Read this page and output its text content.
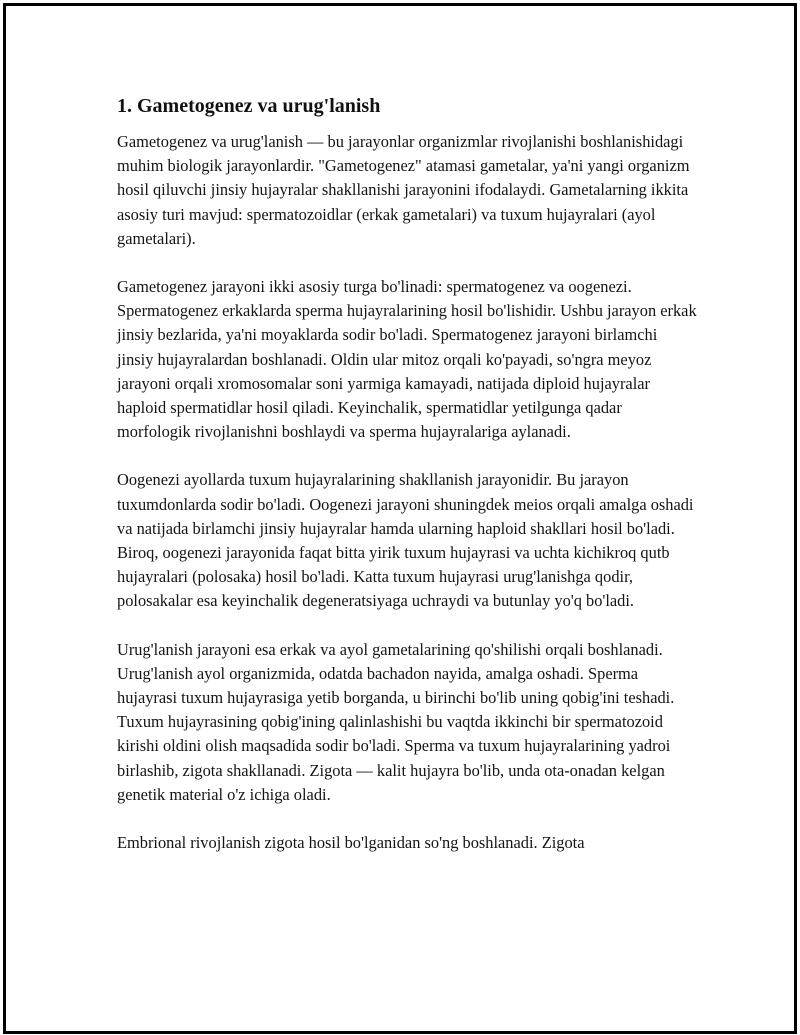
1. Gametogenez va urug'lanish

Gametogenez va urug'lanish — bu jarayonlar organizmlar rivojlanishi boshlanishidagi muhim biologik jarayonlardir. "Gametogenez" atamasi gametalar, ya'ni yangi organizm hosil qiluvchi jinsiy hujayralar shakllanishi jarayonini ifodalaydi. Gametalarning ikkita asosiy turi mavjud: spermatozoidlar (erkak gametalari) va tuxum hujayralari (ayol gametalari).

Gametogenez jarayoni ikki asosiy turga bo'linadi: spermatogenez va oogenezi. Spermatogenez erkaklarda sperma hujayralarining hosil bo'lishidir. Ushbu jarayon erkak jinsiy bezlarida, ya'ni moyaklarda sodir bo'ladi. Spermatogenez jarayoni birlamchi jinsiy hujayralardan boshlanadi. Oldin ular mitoz orqali ko'payadi, so'ngra meyoz jarayoni orqali xromosomalar soni yarmiga kamayadi, natijada diploid hujayralar haploid spermatidlar hosil qiladi. Keyinchalik, spermatidlar yetilgunga qadar morfologik rivojlanishni boshlaydi va sperma hujayralariga aylanadi.

Oogenezi ayollarda tuxum hujayralarining shakllanish jarayonidir. Bu jarayon tuxumdonlarda sodir bo'ladi. Oogenezi jarayoni shuningdek meios orqali amalga oshadi va natijada birlamchi jinsiy hujayralar hamda ularning haploid shakllari hosil bo'ladi. Biroq, oogenezi jarayonida faqat bitta yirik tuxum hujayrasi va uchta kichikroq qutb hujayralari (polosaka) hosil bo'ladi. Katta tuxum hujayrasi urug'lanishga qodir, polosakalar esa keyinchalik degeneratsiyaga uchraydi va butunlay yo'q bo'ladi.

Urug'lanish jarayoni esa erkak va ayol gametalarining qo'shilishi orqali boshlanadi. Urug'lanish ayol organizmida, odatda bachadon nayida, amalga oshadi. Sperma hujayrasi tuxum hujayrasiga yetib borganda, u birinchi bo'lib uning qobig'ini teshadi. Tuxum hujayrasining qobig'ining qalinlashishi bu vaqtda ikkinchi bir spermatozoid kirishi oldini olish maqsadida sodir bo'ladi. Sperma va tuxum hujayralarining yadroi birlashib, zigota shakllanadi. Zigota — kalit hujayra bo'lib, unda ota-onadan kelgan genetik material o'z ichiga oladi.

Embrional rivojlanish zigota hosil bo'lganidan so'ng boshlanadi. Zigota
